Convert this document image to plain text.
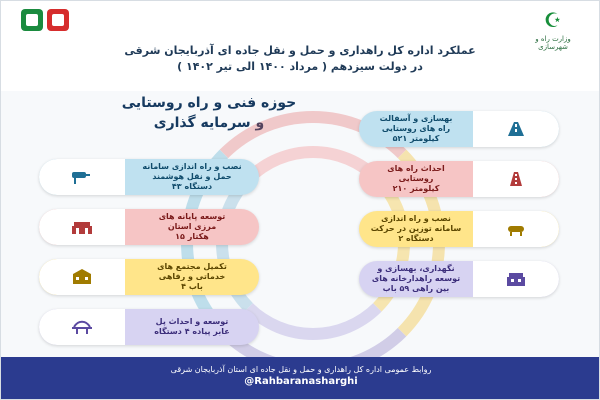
☪
وزارت راه و شهرسازی
عملکرد اداره کل راهداری و حمل و نقل جاده ای آذربایجان شرقی
در دولت سیزدهم ( مرداد ۱۴۰۰ الی تیر ۱۴۰۲ )
حوزه فنی و راه روستایی
و سرمایه گذاری
نصب و راه اندازی سامانه
حمل و نقل هوشمند
۴۳ دستگاه
توسعه پایانه های
مرزی استان
۱۵ هکتار
تکمیل مجتمع های
خدماتی و رفاهی
۴ باب
توسعه و احداث پل
عابر پیاده ۴ دستگاه
بهسازی و آسفالت
راه های روستایی
۵۲۱ کیلومتر
احداث راه های
روستایی
۲۱۰ کیلومتر
نصب و راه اندازی
سامانه توزین در حرکت
۲ دستگاه
نگهداری، بهسازی و
توسعه راهدارخانه های
بین راهی ۵۹ باب
روابط عمومی اداره کل راهداری و حمل و نقل جاده ای استان آذربایجان شرقی
@Rahbaranasharghi
